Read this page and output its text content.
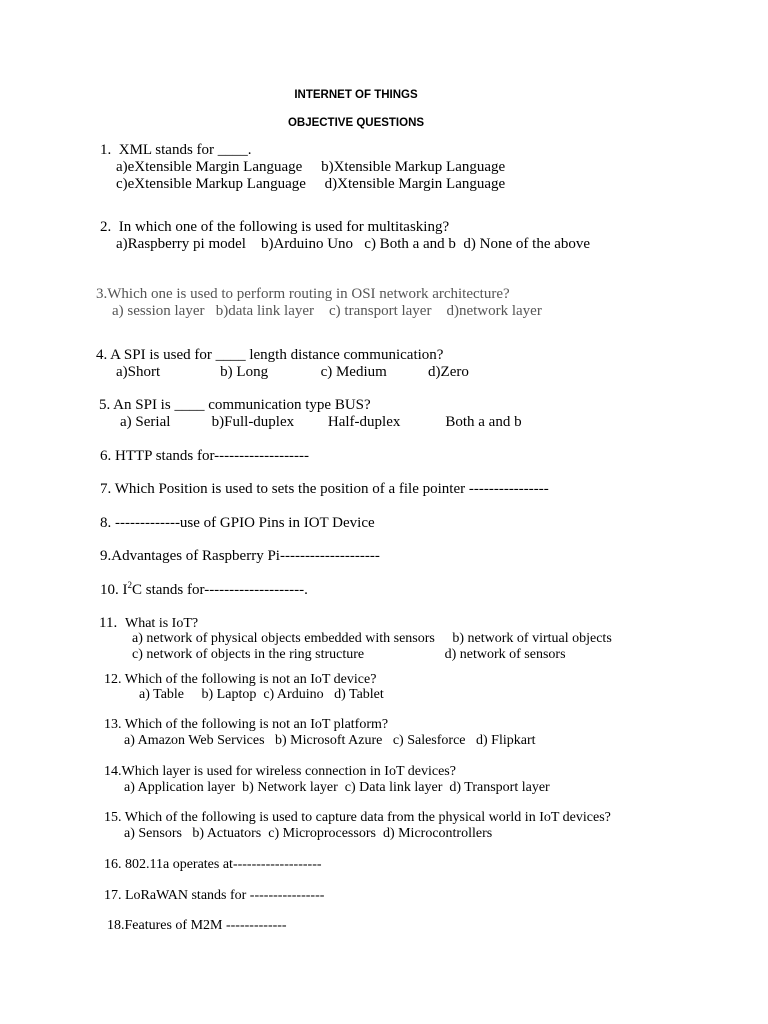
INTERNET OF THINGS
OBJECTIVE QUESTIONS
1.  XML stands for ____.
a)eXtensible Margin Language     b)Xtensible Markup Language
c)eXtensible Markup Language     d)Xtensible Margin Language
2.  In which one of the following is used for multitasking?
a)Raspberry pi model    b)Arduino Uno   c) Both a and b  d) None of the above
3.Which one is used to perform routing in OSI network architecture?
a) session layer   b)data link layer    c) transport layer    d)network layer
4. A SPI is used for ____ length distance communication?
a)Short                b) Long              c) Medium           d)Zero
5. An SPI is ____ communication type BUS?
a) Serial           b)Full-duplex         Half-duplex            Both a and b
6. HTTP stands for-------------------
7. Which Position is used to sets the position of a file pointer ----------------
8. -------------use of GPIO Pins in IOT Device
9.Advantages of Raspberry Pi--------------------
10. $I^2C$ stands for--------------------.
11. What is IoT?
a) network of physical objects embedded with sensors     b) network of virtual objects
c) network of objects in the ring structure                       d) network of sensors
12. Which of the following is not an IoT device?
a) Table     b) Laptop  c) Arduino   d) Tablet
13. Which of the following is not an IoT platform?
a) Amazon Web Services   b) Microsoft Azure   c) Salesforce   d) Flipkart
14.Which layer is used for wireless connection in IoT devices?
a) Application layer  b) Network layer  c) Data link layer  d) Transport layer
15. Which of the following is used to capture data from the physical world in IoT devices?
a) Sensors   b) Actuators  c) Microprocessors  d) Microcontrollers
16. 802.11a operates at-------------------
17. LoRaWAN stands for ----------------
18.Features of M2M -------------
